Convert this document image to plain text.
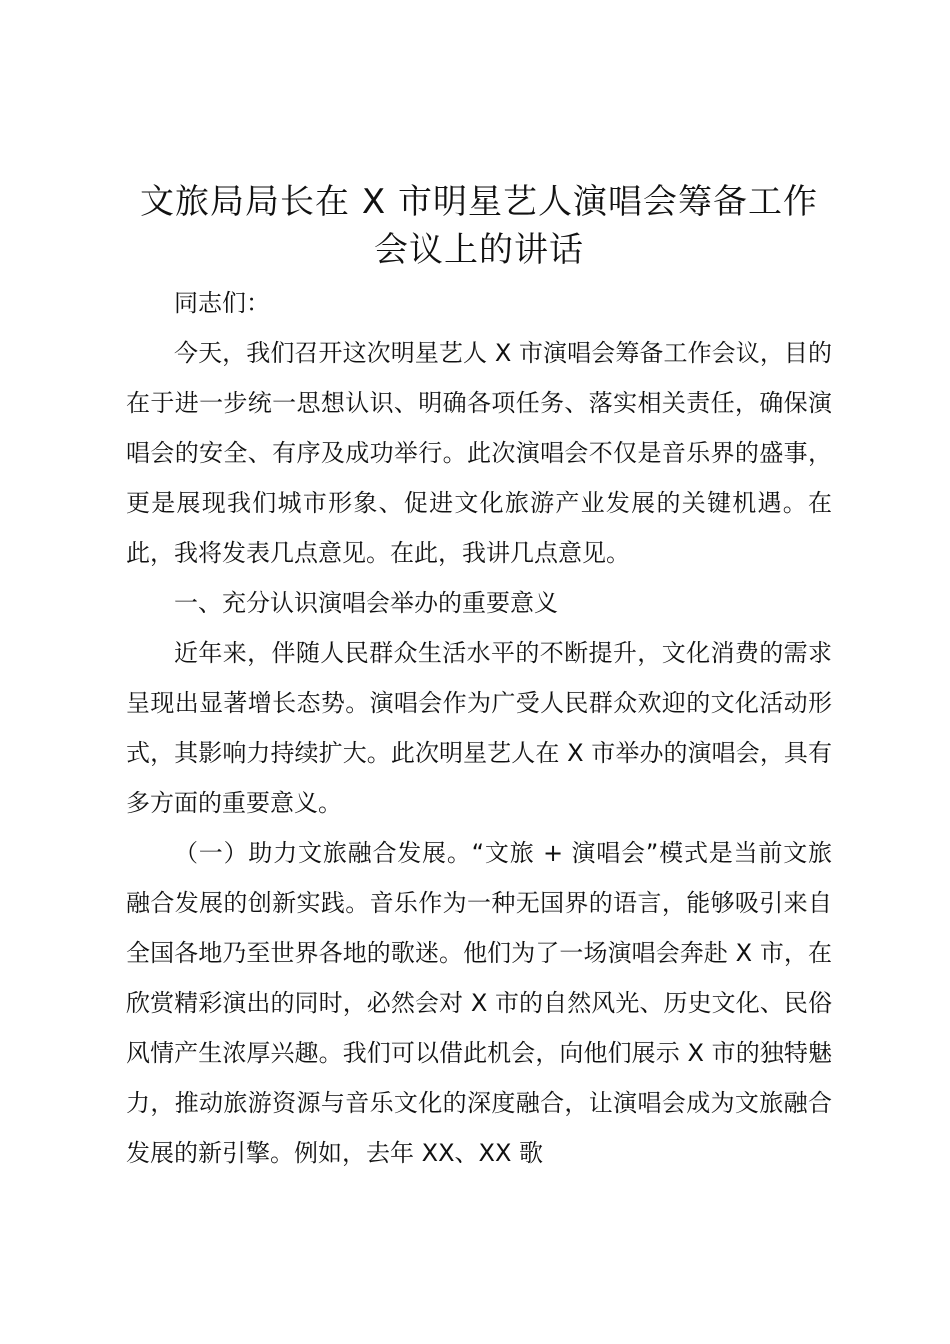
文旅局局长在 X 市明星艺人演唱会筹备工作会议上的讲话

同志们：

今天，我们召开这次明星艺人 X 市演唱会筹备工作会议，目的在于进一步统一思想认识、明确各项任务、落实相关责任，确保演唱会的安全、有序及成功举行。此次演唱会不仅是音乐界的盛事，更是展现我们城市形象、促进文化旅游产业发展的关键机遇。在此，我将发表几点意见。在此，我讲几点意见。

一、充分认识演唱会举办的重要意义

近年来，伴随人民群众生活水平的不断提升，文化消费的需求呈现出显著增长态势。演唱会作为广受人民群众欢迎的文化活动形式，其影响力持续扩大。此次明星艺人在 X 市举办的演唱会，具有多方面的重要意义。

（一）助力文旅融合发展。“文旅 + 演唱会”模式是当前文旅融合发展的创新实践。音乐作为一种无国界的语言，能够吸引来自全国各地乃至世界各地的歌迷。他们为了一场演唱会奔赴 X 市，在欣赏精彩演出的同时，必然会对 X 市的自然风光、历史文化、民俗风情产生浓厚兴趣。我们可以借此机会，向他们展示 X 市的独特魅力，推动旅游资源与音乐文化的深度融合，让演唱会成为文旅融合发展的新引擎。例如，去年 XX、XX 歌
